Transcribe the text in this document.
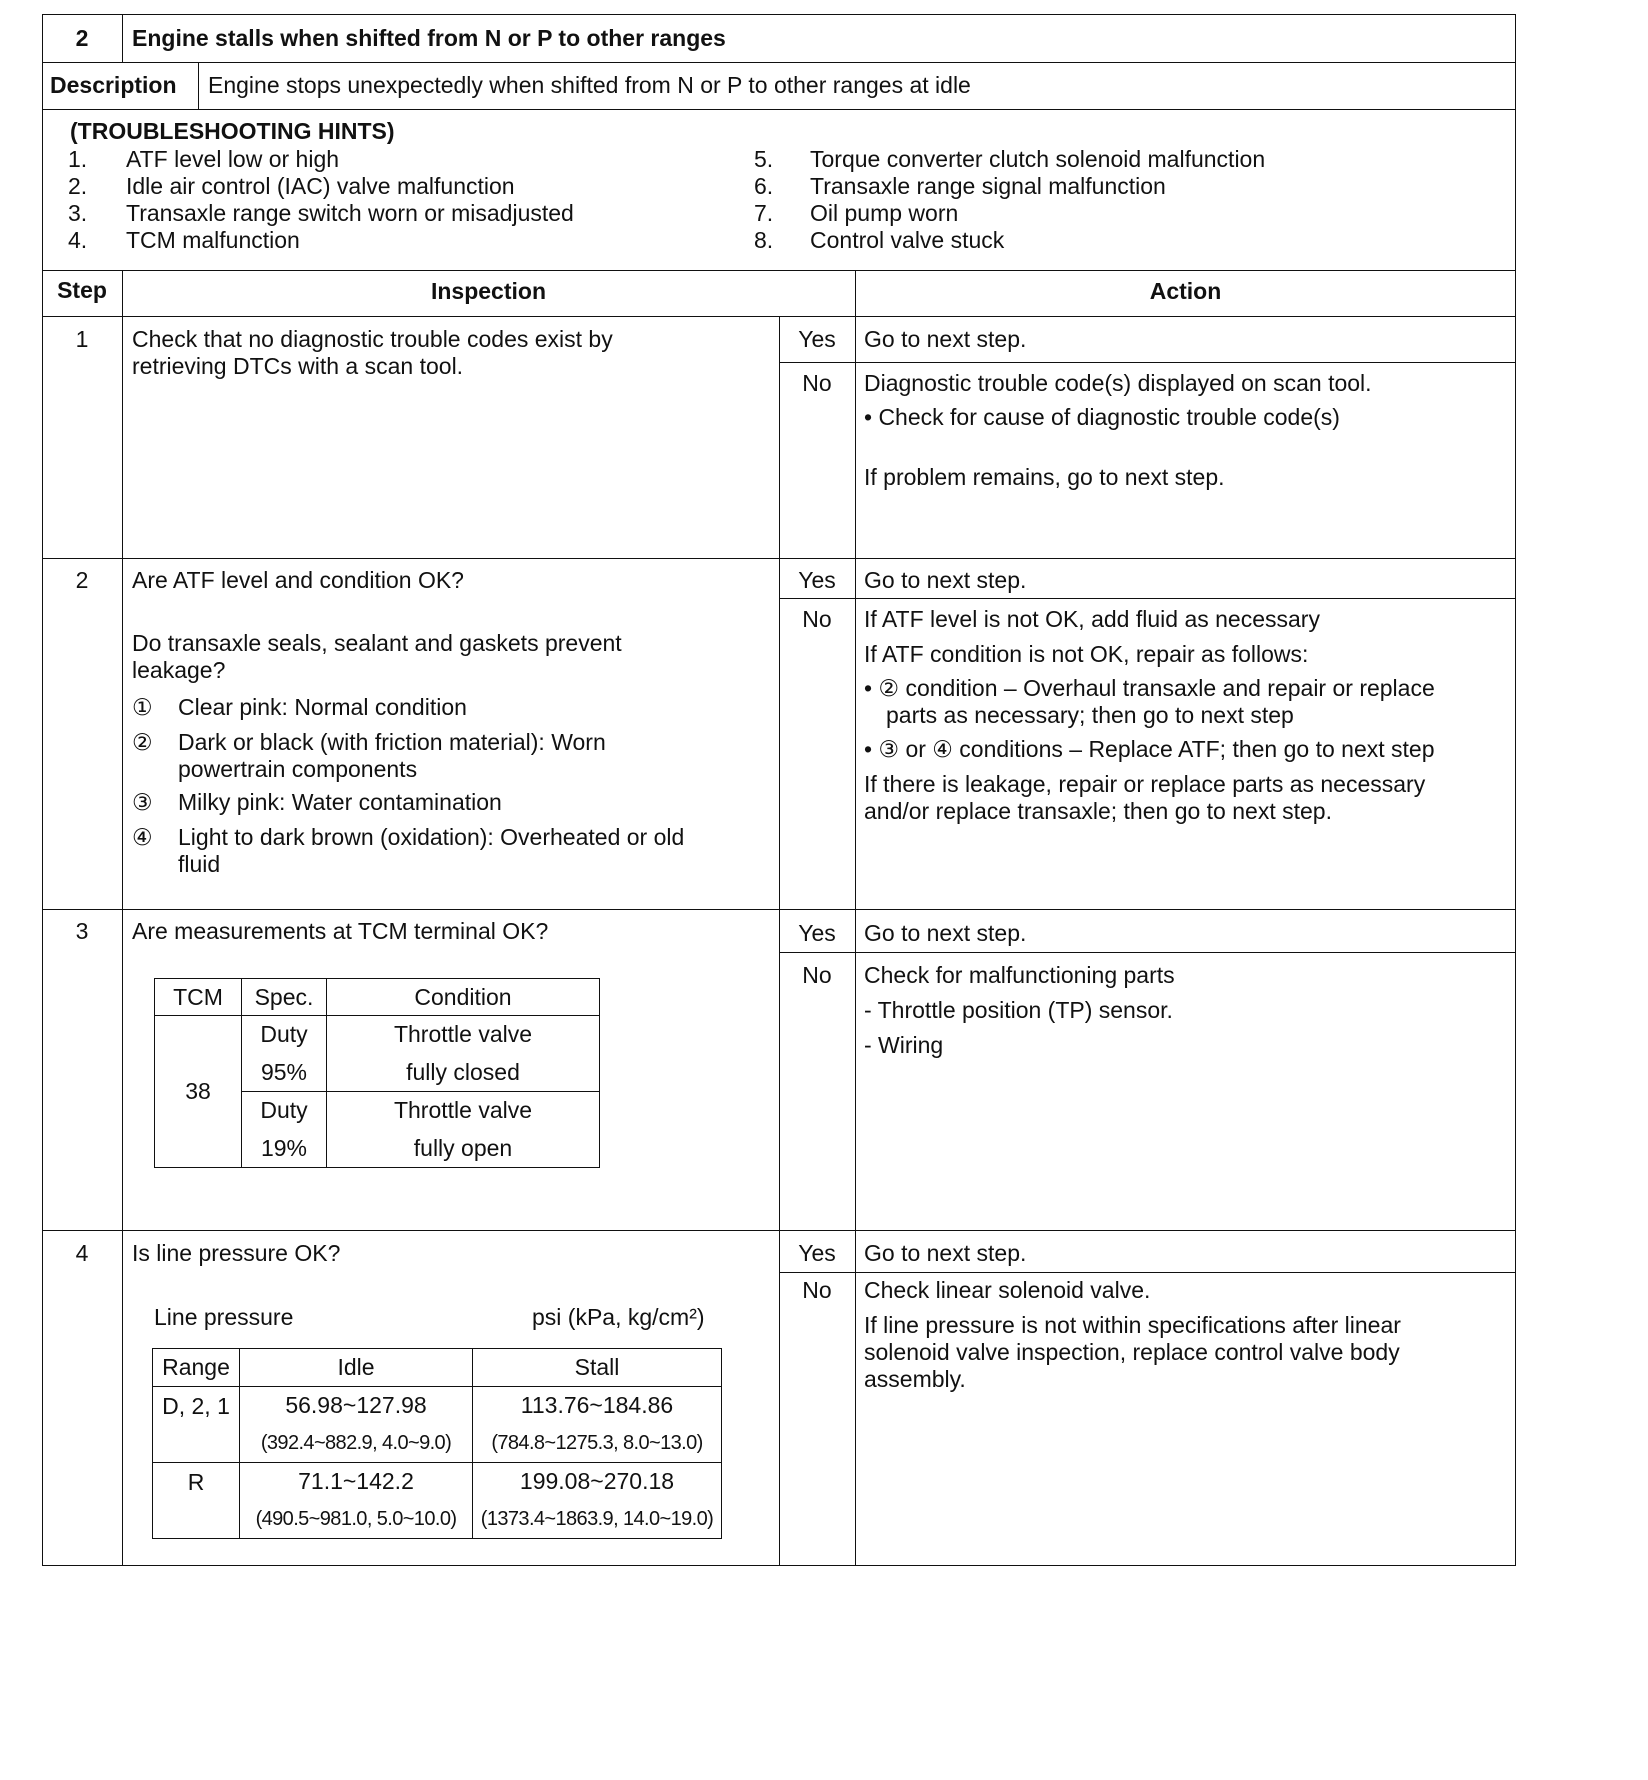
2	Engine stalls when shifted from N or P to other ranges
Description Engine stops unexpectedly when shifted from N or P to other ranges at idle
(TROUBLESHOOTING HINTS)
1. ATF level low or high
2. Idle air control (IAC) valve malfunction
3. Transaxle range switch worn or misadjusted
4. TCM malfunction
5. Torque converter clutch solenoid malfunction
6. Transaxle range signal malfunction
7. Oil pump worn
8. Control valve stuck
Step	Inspection	Action
1	Check that no diagnostic trouble codes exist by retrieving DTCs with a scan tool.
Yes	Go to next step.
No	Diagnostic trouble code(s) displayed on scan tool.
• Check for cause of diagnostic trouble code(s)
If problem remains, go to next step.
2	Are ATF level and condition OK?
Do transaxle seals, sealant and gaskets prevent leakage?
① Clear pink: Normal condition
② Dark or black (with friction material): Worn powertrain components
③ Milky pink: Water contamination
④ Light to dark brown (oxidation): Overheated or old fluid
Yes	Go to next step.
No	If ATF level is not OK, add fluid as necessary
If ATF condition is not OK, repair as follows:
• ② condition – Overhaul transaxle and repair or replace parts as necessary; then go to next step
• ③ or ④ conditions – Replace ATF; then go to next step
If there is leakage, repair or replace parts as necessary and/or replace transaxle; then go to next step.
3	Are measurements at TCM terminal OK?
TCM	Spec.	Condition
38	Duty	Throttle valve
	95%	fully closed
	Duty	Throttle valve
	19%	fully open
Yes	Go to next step.
No	Check for malfunctioning parts
- Throttle position (TP) sensor.
- Wiring
4	Is line pressure OK?
Line pressure	psi (kPa, kg/cm²)
Range	Idle	Stall
D, 2, 1	56.98~127.98	113.76~184.86
	(392.4~882.9, 4.0~9.0)	(784.8~1275.3, 8.0~13.0)
R	71.1~142.2	199.08~270.18
	(490.5~981.0, 5.0~10.0)	(1373.4~1863.9, 14.0~19.0)
Yes	Go to next step.
No	Check linear solenoid valve.
If line pressure is not within specifications after linear solenoid valve inspection, replace control valve body assembly.
